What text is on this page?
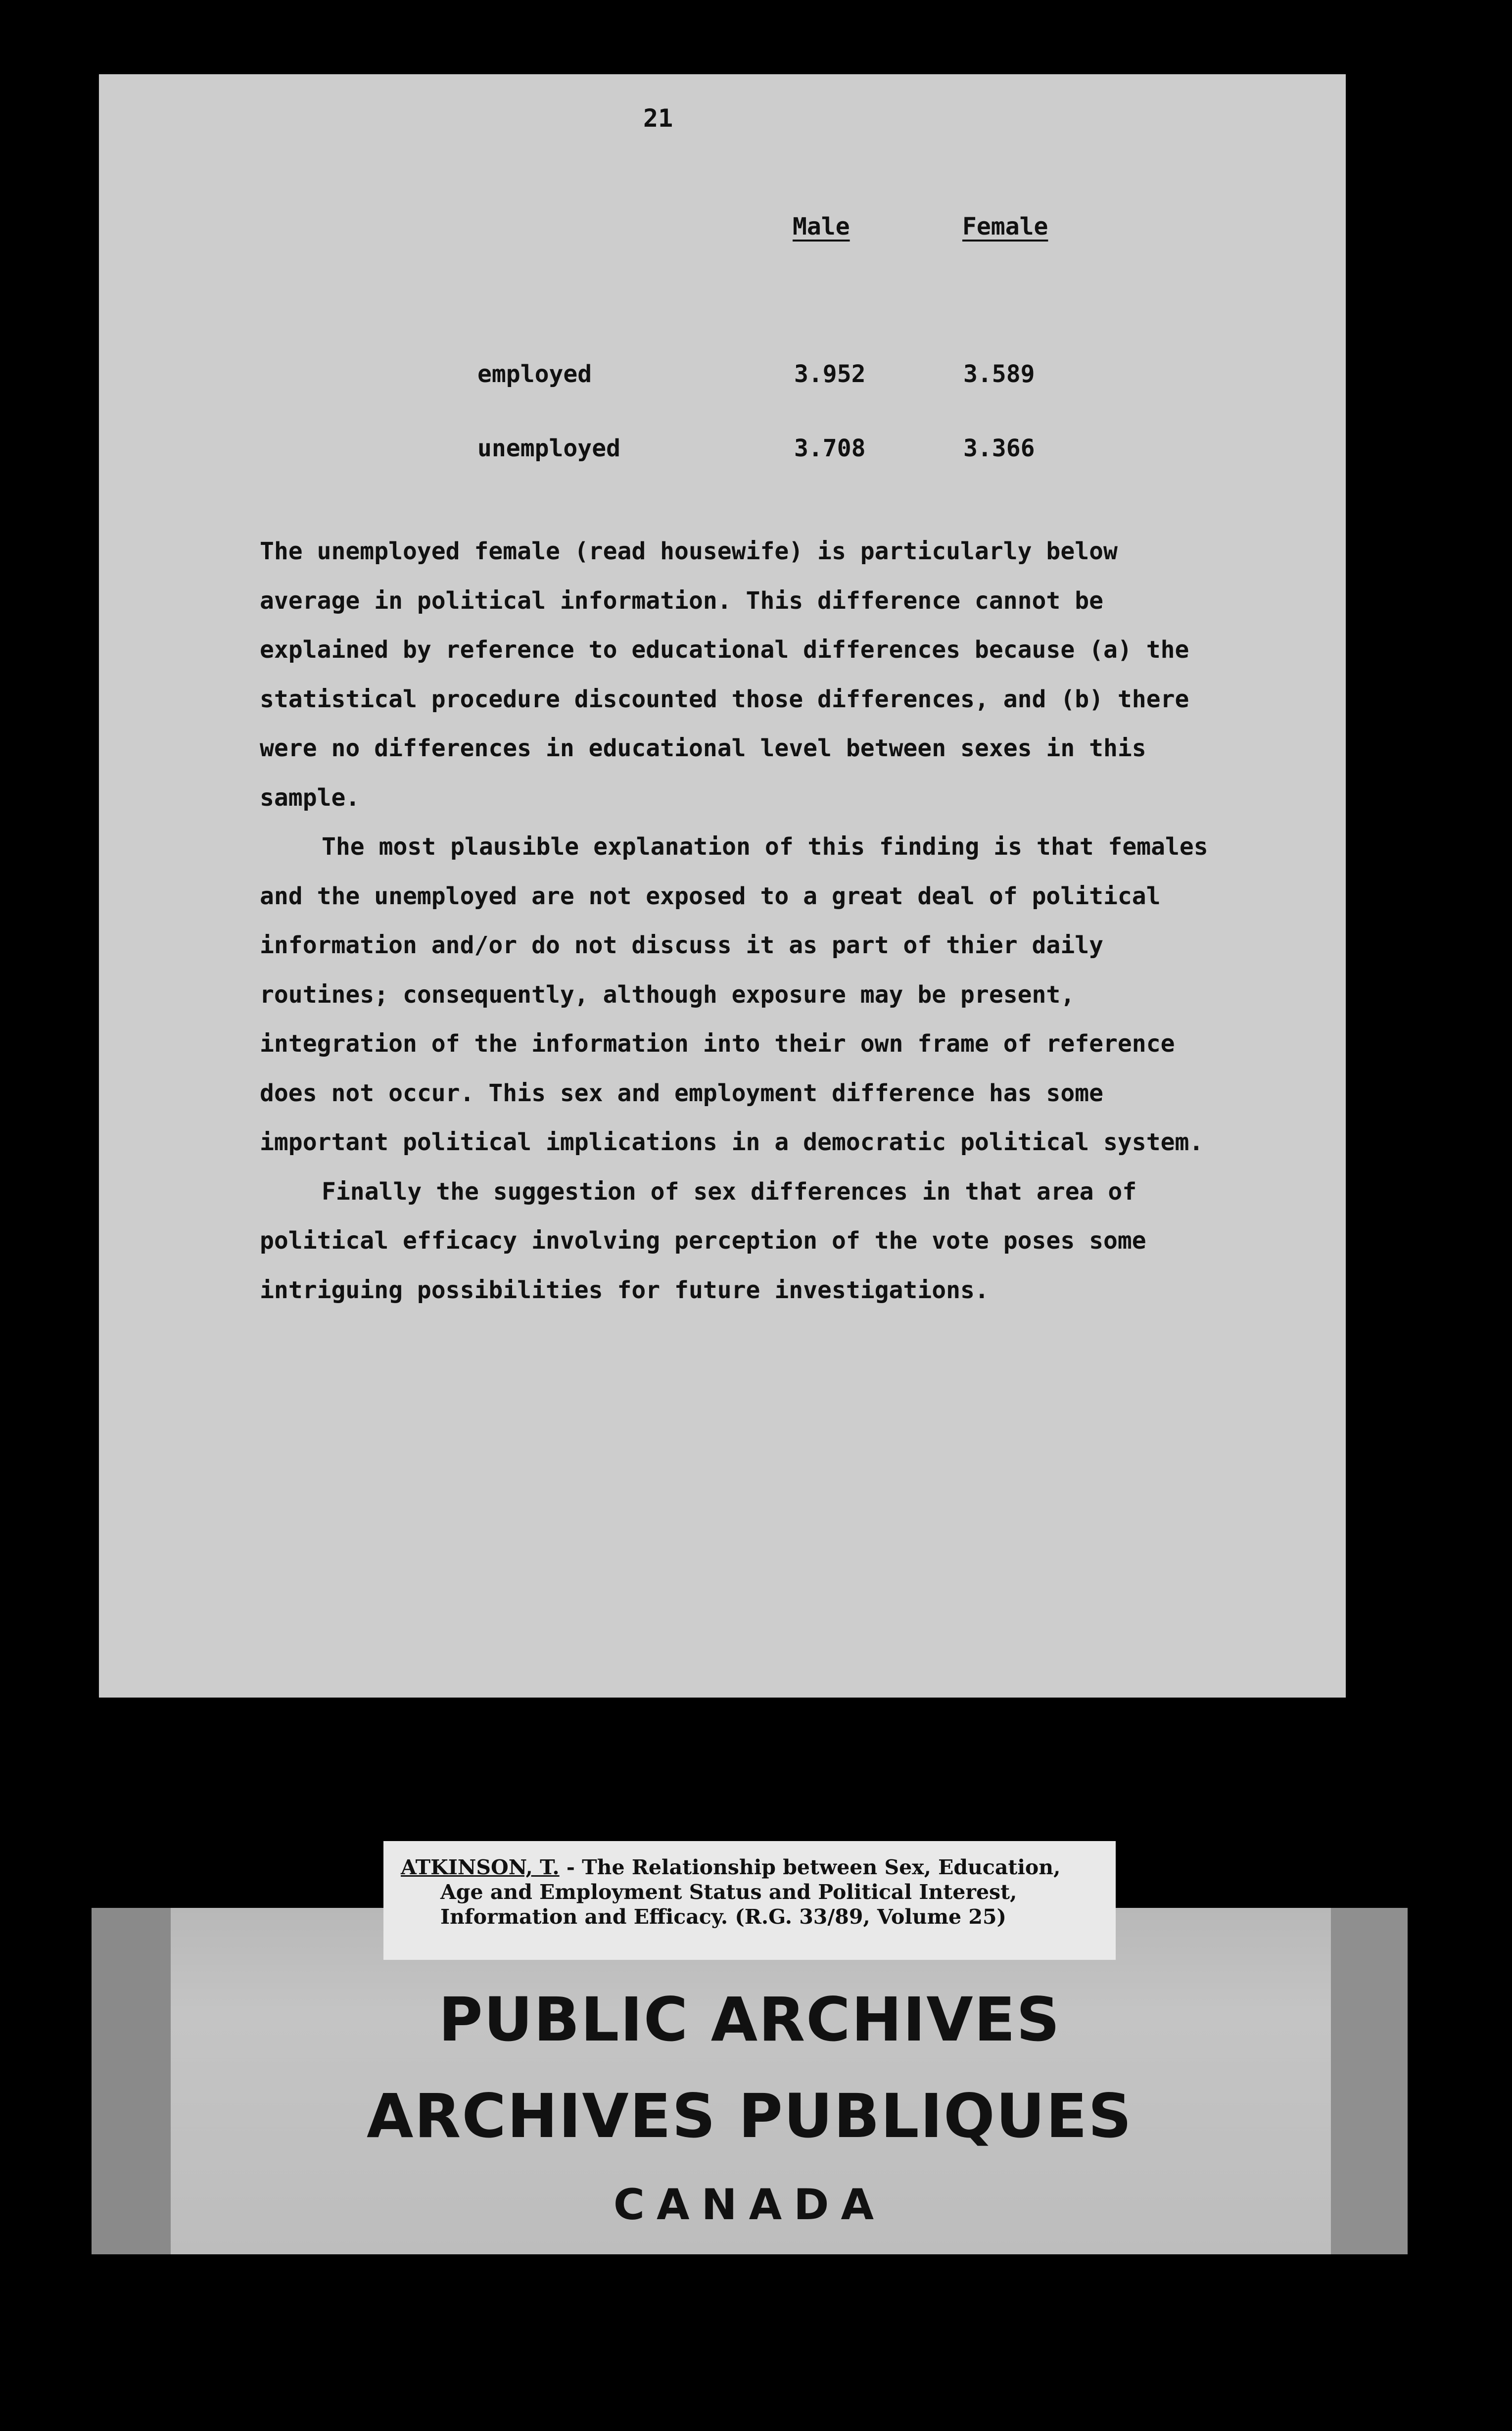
21
Male	Female
employed	3.952	3.589
unemployed	3.708	3.366

The unemployed female (read housewife) is particularly below average in political information. This difference cannot be explained by reference to educational differences because (a) the statistical procedure discounted those differences, and (b) there were no differences in educational level between sexes in this sample.

The most plausible explanation of this finding is that females and the unemployed are not exposed to a great deal of political information and/or do not discuss it as part of thier daily routines; consequently, although exposure may be present, integration of the information into their own frame of reference does not occur. This sex and employment difference has some important political implications in a democratic political system.

Finally the suggestion of sex differences in that area of political efficacy involving perception of the vote poses some intriguing possibilities for future investigations.

ATKINSON, T. - The Relationship between Sex, Education,
Age and Employment Status and Political Interest,
Information and Efficacy. (R.G. 33/89, Volume 25)
PUBLIC ARCHIVES
ARCHIVES PUBLIQUES
CANADA
